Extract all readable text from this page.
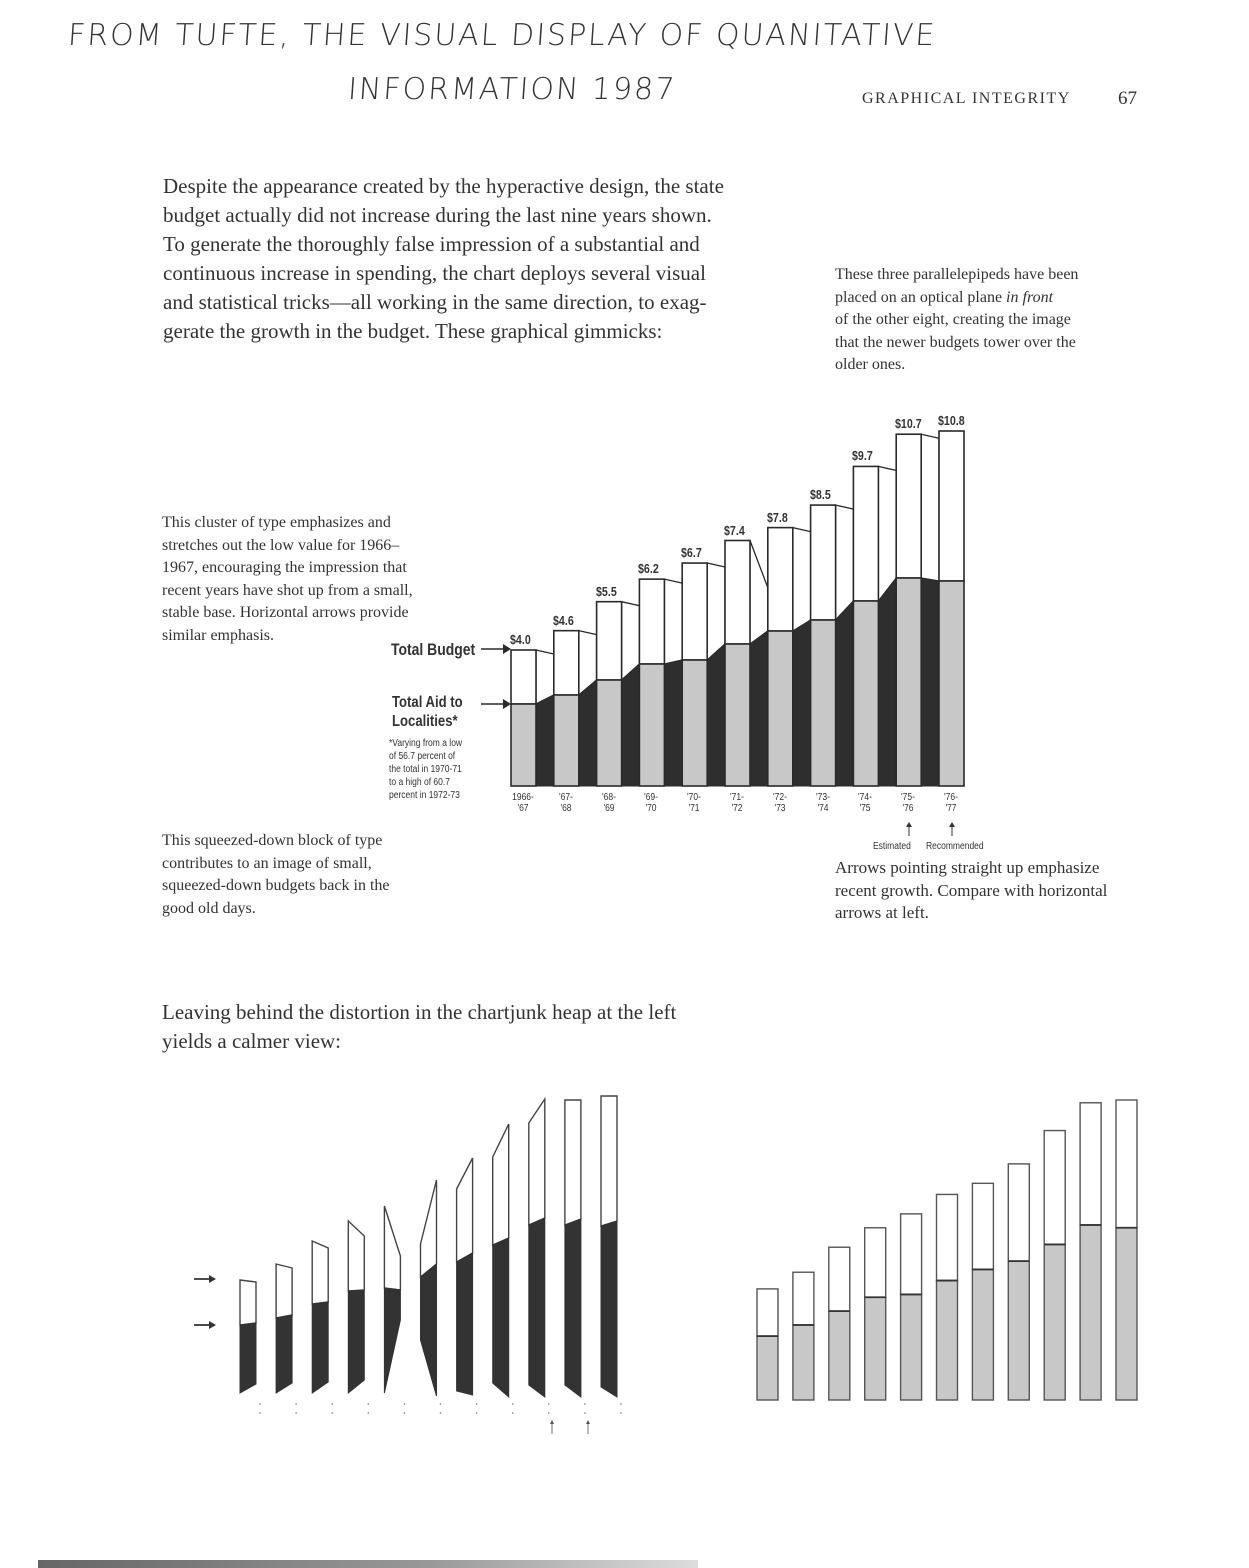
FROM TUFTE, THE VISUAL DISPLAY OF QUANITATIVE
INFORMATION 1987	GRAPHICAL INTEGRITY 67
Despite the appearance created by the hyperactive design, the state
budget actually did not increase during the last nine years shown.
To generate the thoroughly false impression of a substantial and
continuous increase in spending, the chart deploys several visual
and statistical tricks—all working in the same direction, to exag-
gerate the growth in the budget. These graphical gimmicks:
These three parallelepipeds have been
placed on an optical plane in front
of the other eight, creating the image
that the newer budgets tower over the
older ones.
This cluster of type emphasizes and
stretches out the low value for 1966–
1967, encouraging the impression that
recent years have shot up from a small,
stable base. Horizontal arrows provide
similar emphasis.
Total Budget
Total Aid to
Localities*
*Varying from a low
of 56.7 percent of
the total in 1970-71
to a high of 60.7
percent in 1972-73
$4.0
1966-
'67
$4.6
'67-
'68
$5.5
'68-
'69
$6.2
'69-
'70
$6.7
'70-
'71
$7.4
'71-
'72
$7.8
'72-
'73
$8.5
'73-
'74
$9.7
'74-
'75
$10.7
'75-
'76
$10.8
'76-
'77
Estimated Recommended
This squeezed-down block of type
contributes to an image of small,
squeezed-down budgets back in the
good old days.
Arrows pointing straight up emphasize
recent growth. Compare with horizontal
arrows at left.
Leaving behind the distortion in the chartjunk heap at the left
yields a calmer view:
